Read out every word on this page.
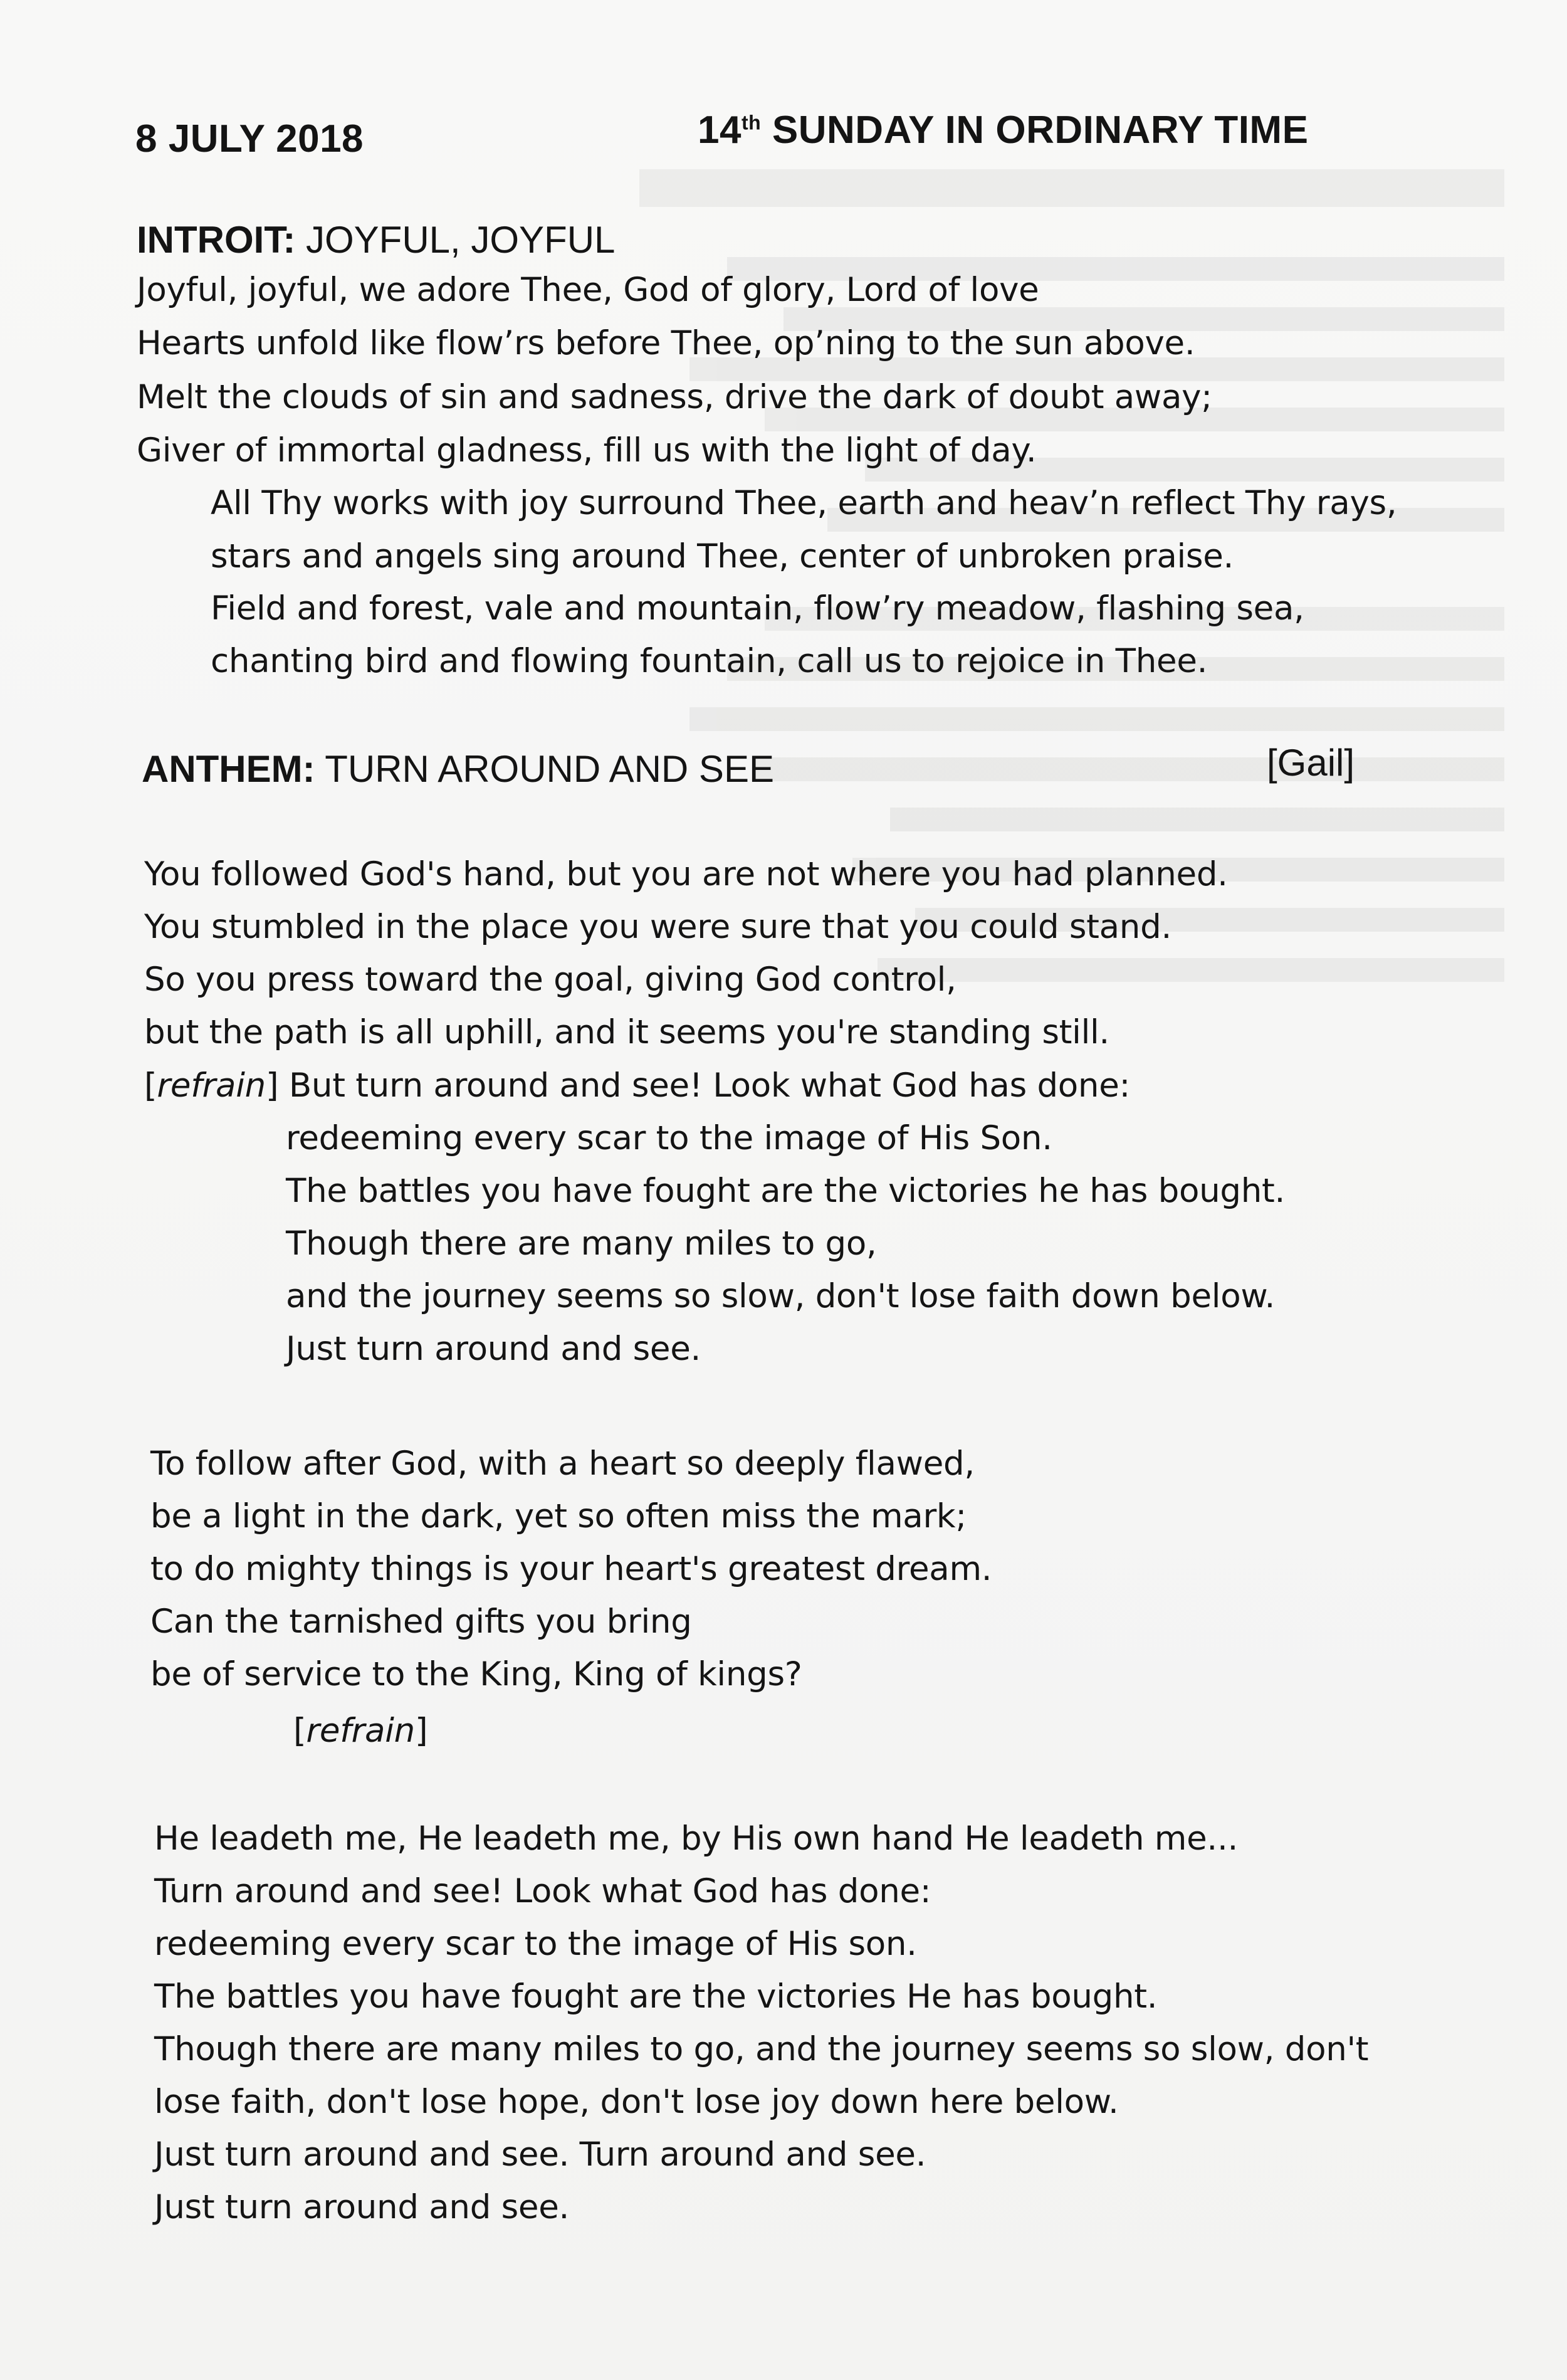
8 JULY 2018	14th SUNDAY IN ORDINARY TIME
INTROIT: JOYFUL, JOYFUL
Joyful, joyful, we adore Thee, God of glory, Lord of love
Hearts unfold like flow’rs before Thee, op’ning to the sun above.
Melt the clouds of sin and sadness, drive the dark of doubt away;
Giver of immortal gladness, fill us with the light of day.
All Thy works with joy surround Thee, earth and heav’n reflect Thy rays,
stars and angels sing around Thee, center of unbroken praise.
Field and forest, vale and mountain, flow’ry meadow, flashing sea,
chanting bird and flowing fountain, call us to rejoice in Thee.
ANTHEM: TURN AROUND AND SEE	[Gail]
You followed God's hand, but you are not where you had planned.
You stumbled in the place you were sure that you could stand.
So you press toward the goal, giving God control,
but the path is all uphill, and it seems you're standing still.
[refrain] But turn around and see! Look what God has done:
redeeming every scar to the image of His Son.
The battles you have fought are the victories he has bought.
Though there are many miles to go,
and the journey seems so slow, don't lose faith down below.
Just turn around and see.
To follow after God, with a heart so deeply flawed,
be a light in the dark, yet so often miss the mark;
to do mighty things is your heart's greatest dream.
Can the tarnished gifts you bring
be of service to the King, King of kings?
[refrain]
He leadeth me, He leadeth me, by His own hand He leadeth me...
Turn around and see! Look what God has done:
redeeming every scar to the image of His son.
The battles you have fought are the victories He has bought.
Though there are many miles to go, and the journey seems so slow, don't
lose faith, don't lose hope, don't lose joy down here below.
Just turn around and see. Turn around and see.
Just turn around and see.
